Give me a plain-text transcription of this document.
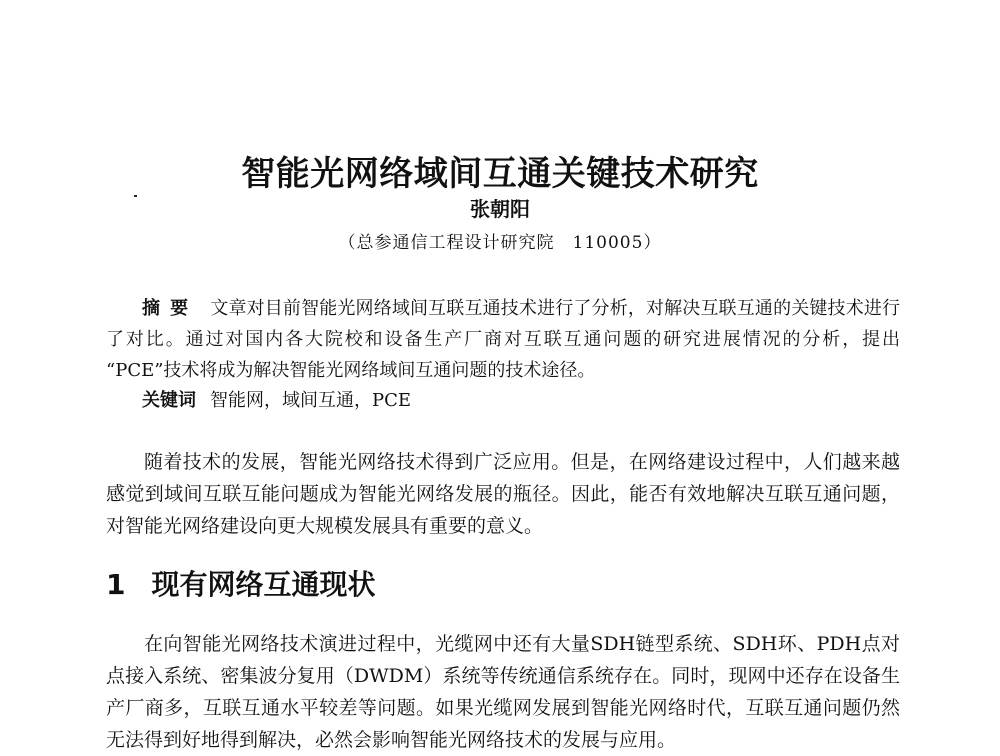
智能光网络域间互通关键技术研究
张朝阳
（总参通信工程设计研究院　110005）
摘要 文章对目前智能光网络域间互联互通技术进行了分析，对解决互联互通的关键技术进行了对比。通过对国内各大院校和设备生产厂商对互联互通问题的研究进展情况的分析，提出 “PCE”技术将成为解决智能光网络域间互通问题的技术途径。
关键词 智能网，域间互通，PCE
随着技术的发展，智能光网络技术得到广泛应用。但是，在网络建设过程中，人们越来越感觉到域间互联互能问题成为智能光网络发展的瓶径。因此，能否有效地解决互联互通问题，对智能光网络建设向更大规模发展具有重要的意义。
1 现有网络互通现状
在向智能光网络技术演进过程中，光缆网中还有大量SDH链型系统、SDH环、PDH点对点接入系统、密集波分复用（DWDM）系统等传统通信系统存在。同时，现网中还存在设备生产厂商多，互联互通水平较差等问题。如果光缆网发展到智能光网络时代，互联互通问题仍然无法得到好地得到解决，必然会影响智能光网络技术的发展与应用。
